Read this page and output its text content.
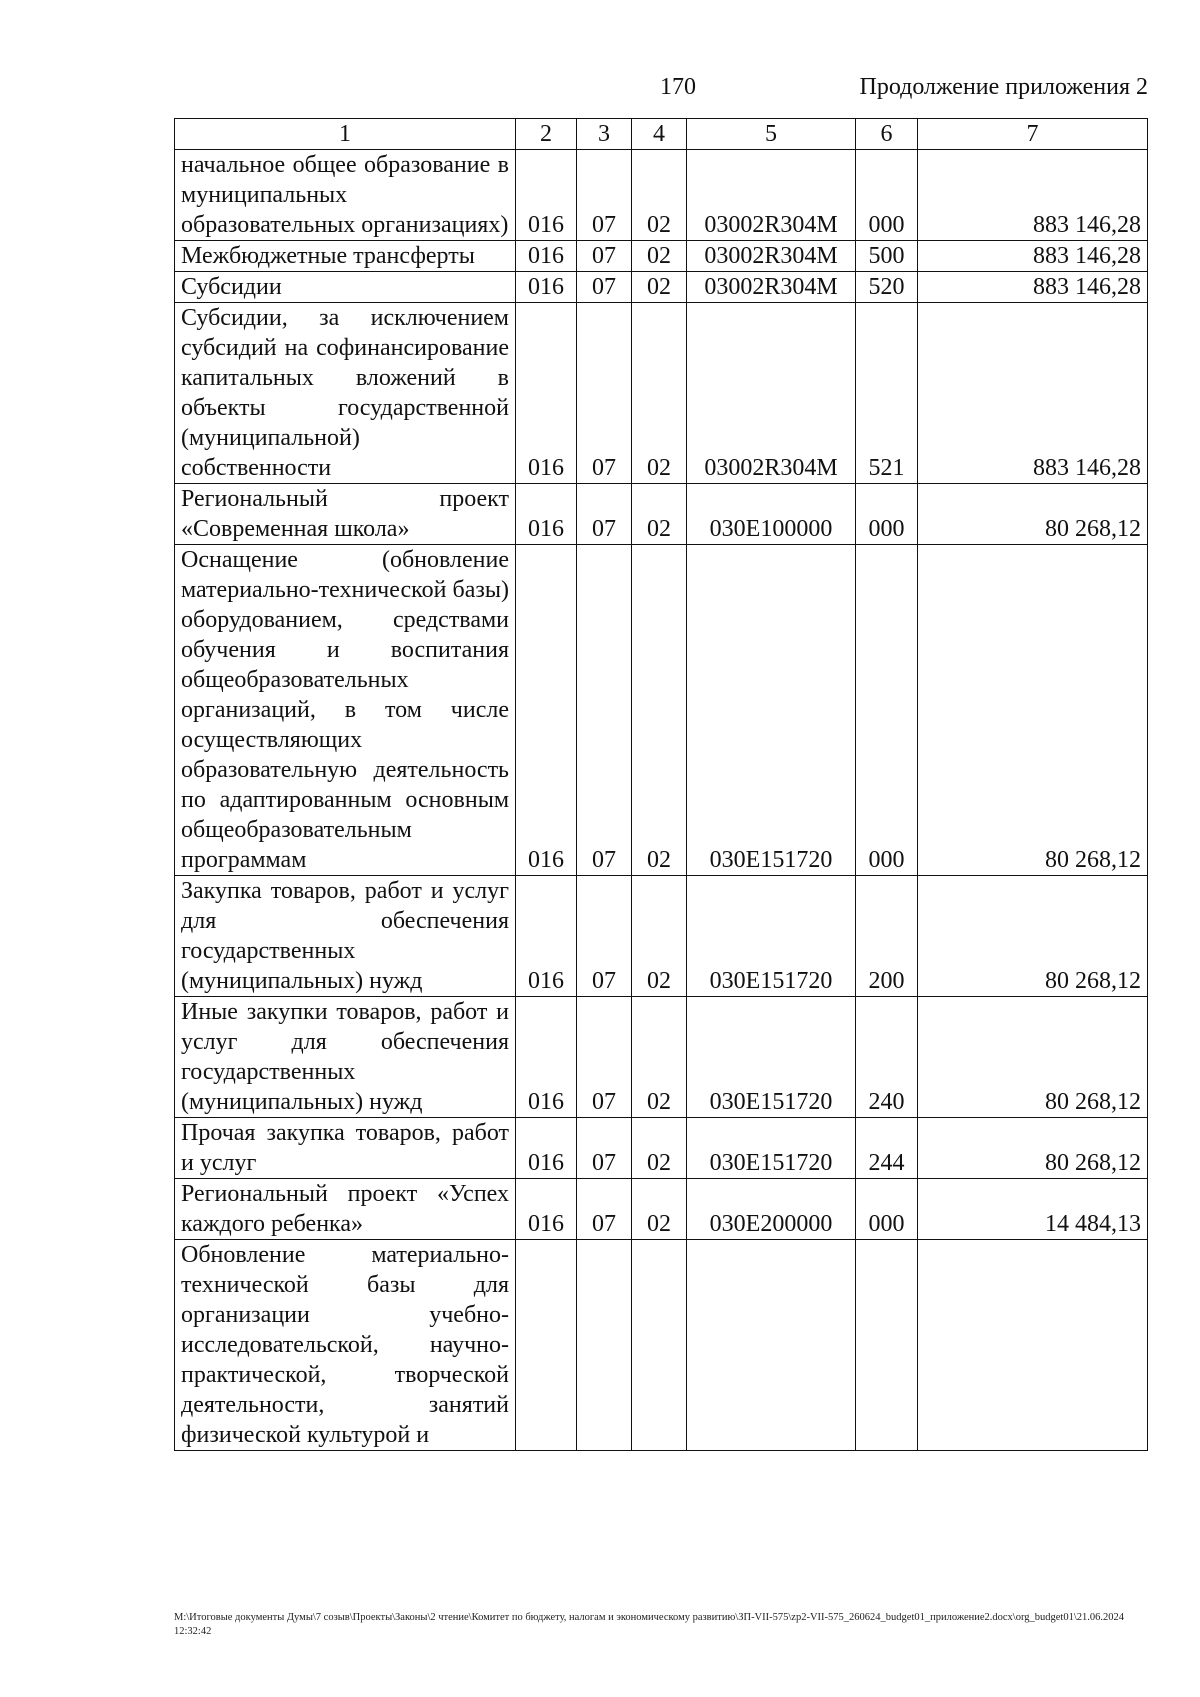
170	Продолжение приложения 2
1	2	3	4	5	6	7
начальное общее образование в муниципальных образовательных организациях)	016	07	02	03002R304M	000	883 146,28
Межбюджетные трансферты	016	07	02	03002R304M	500	883 146,28
Субсидии	016	07	02	03002R304M	520	883 146,28
Субсидии, за исключением субсидий на софинансирование капитальных вложений в объекты государственной (муниципальной) собственности	016	07	02	03002R304M	521	883 146,28
Региональный проект «Современная школа»	016	07	02	030E100000	000	80 268,12
Оснащение (обновление материально-технической базы) оборудованием, средствами обучения и воспитания общеобразовательных организаций, в том числе осуществляющих образовательную деятельность по адаптированным основным общеобразовательным программам	016	07	02	030E151720	000	80 268,12
Закупка товаров, работ и услуг для обеспечения государственных (муниципальных) нужд	016	07	02	030E151720	200	80 268,12
Иные закупки товаров, работ и услуг для обеспечения государственных (муниципальных) нужд	016	07	02	030E151720	240	80 268,12
Прочая закупка товаров, работ и услуг	016	07	02	030E151720	244	80 268,12
Региональный проект «Успех каждого ребенка»	016	07	02	030E200000	000	14 484,13
Обновление материально-технической базы для организации учебно-исследовательской, научно-практической, творческой деятельности, занятий физической культурой и						
M:\Итоговые документы Думы\7 созыв\Проекты\Законы\2 чтение\Комитет по бюджету, налогам и экономическому развитию\ЗП-VII-575\zp2-VII-575_260624_budget01_приложение2.docx\org_budget01\21.06.2024 12:32:42
